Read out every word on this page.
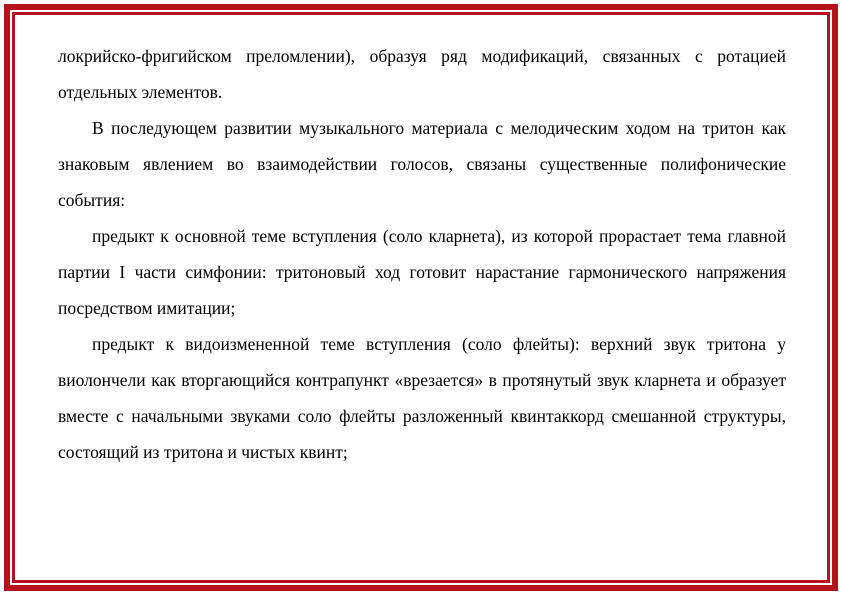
локрийско-фригийском преломлении), образуя ряд модификаций, связанных с ротацией отдельных элементов.

В последующем развитии музыкального материала с мелодическим ходом на тритон как знаковым явлением во взаимодействии голосов, связаны существенные полифонические события:

предыкт к основной теме вступления (соло кларнета), из которой прорастает тема главной партии I части симфонии: тритоновый ход готовит нарастание гармонического напряжения посредством имитации;

предыкт к видоизмененной теме вступления (соло флейты): верхний звук тритона у виолончели как вторгающийся контрапункт «врезается» в протянутый звук кларнета и образует вместе с начальными звуками соло флейты разложенный квинтаккорд смешанной структуры, состоящий из тритона и чистых квинт;
